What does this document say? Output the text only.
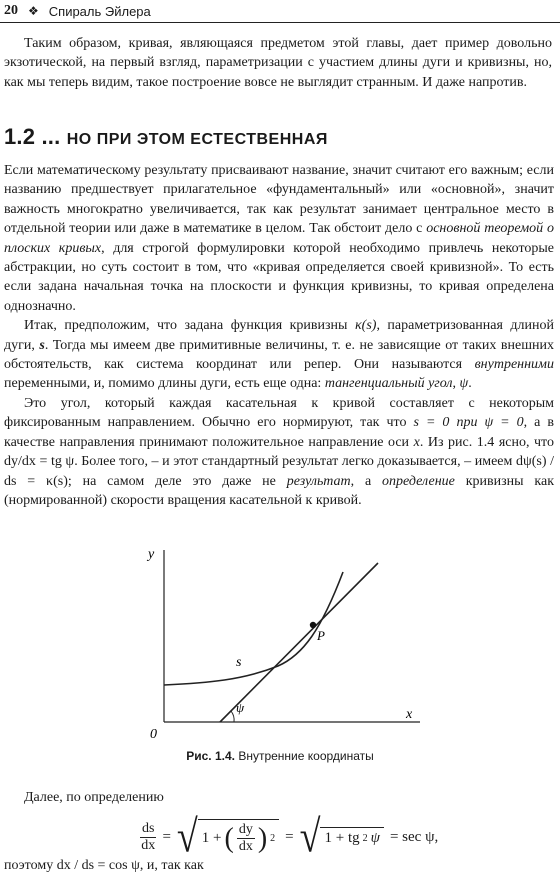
20 ❖ Спираль Эйлера

Таким образом, кривая, являющаяся предметом этой главы, дает пример довольно экзотической, на первый взгляд, параметризации с участием длины дуги и кривизны, но, как мы теперь видим, такое построение вовсе не выглядит странным. И даже напротив.

1.2 ... НО ПРИ ЭТОМ ЕСТЕСТВЕННАЯ

Если математическому результату присваивают название, значит считают его важным; если названию предшествует прилагательное «фундаментальный» или «основной», значит важность многократно увеличивается, так как результат занимает центральное место в отдельной теории или даже в математике в целом. Так обстоит дело с основной теоремой о плоских кривых, для строгой формулировки которой необходимо привлечь некоторые абстракции, но суть состоит в том, что «кривая определяется своей кривизной». То есть если задана начальная точка на плоскости и функция кривизны, то кривая определена однозначно.

Итак, предположим, что задана функция кривизны κ(s), параметризованная длиной дуги, s. Тогда мы имеем две примитивные величины, т. е. не зависящие от таких внешних обстоятельств, как система координат или репер. Они называются внутренними переменными, и, помимо длины дуги, есть еще одна: тангенциальный угол, ψ.

Это угол, который каждая касательная к кривой составляет с некоторым фиксированным направлением. Обычно его нормируют, так что s = 0 при ψ = 0, а в качестве направления принимают положительное направление оси x. Из рис. 1.4 ясно, что dy/dx = tg ψ. Более того, – и этот стандартный результат легко доказывается, – имеем dψ(s) / ds = κ(s); на самом деле это даже не результат, а определение кривизны как (нормированной) скорости вращения касательной к кривой.

y
x
0
P
s
ψ
Рис. 1.4. Внутренние координаты

Далее, по определению

$\frac{ds}{dx}$ = √ 1 + ( $\frac{dy}{dx}$ ) 2 = √ 1 + tg 2 ψ = sec ψ,

поэтому dx / ds = cos ψ, и, так как
